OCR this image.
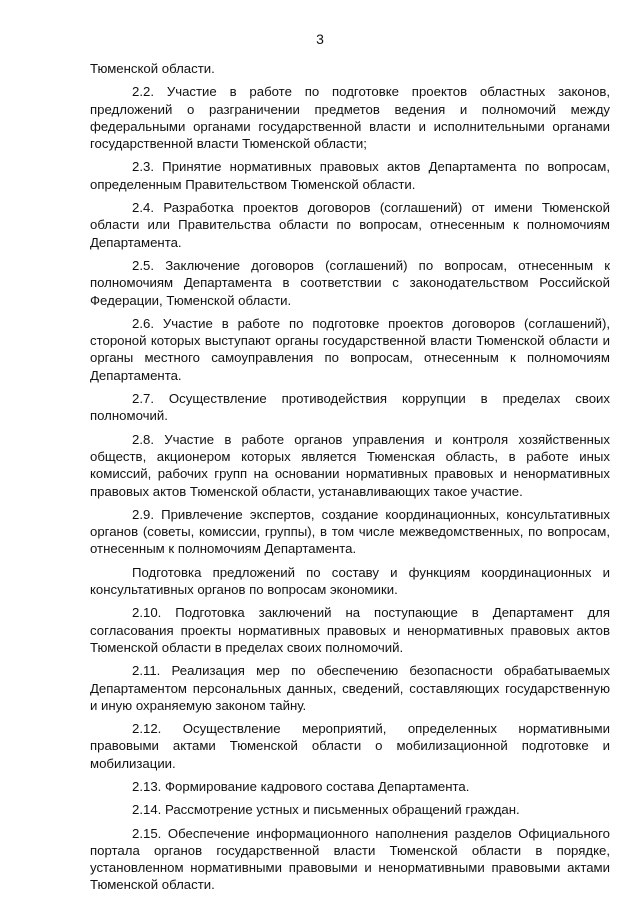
3

Тюменской области.

2.2. Участие в работе по подготовке проектов областных законов, предложений о разграничении предметов ведения и полномочий между федеральными органами государственной власти и исполнительными органами государственной власти Тюменской области;

2.3. Принятие нормативных правовых актов Департамента по вопросам, определенным Правительством Тюменской области.

2.4. Разработка проектов договоров (соглашений) от имени Тюменской области или Правительства области по вопросам, отнесенным к полномочиям Департамента.

2.5. Заключение договоров (соглашений) по вопросам, отнесенным к полномочиям Департамента в соответствии с законодательством Российской Федерации, Тюменской области.

2.6. Участие в работе по подготовке проектов договоров (соглашений), стороной которых выступают органы государственной власти Тюменской области и органы местного самоуправления по вопросам, отнесенным к полномочиям Департамента.

2.7. Осуществление противодействия коррупции в пределах своих полномочий.

2.8. Участие в работе органов управления и контроля хозяйственных обществ, акционером которых является Тюменская область, в работе иных комиссий, рабочих групп на основании нормативных правовых и ненормативных правовых актов Тюменской области, устанавливающих такое участие.

2.9. Привлечение экспертов, создание координационных, консультативных органов (советы, комиссии, группы), в том числе межведомственных, по вопросам, отнесенным к полномочиям Департамента.

Подготовка предложений по составу и функциям координационных и консультативных органов по вопросам экономики.

2.10. Подготовка заключений на поступающие в Департамент для согласования проекты нормативных правовых и ненормативных правовых актов Тюменской области в пределах своих полномочий.

2.11. Реализация мер по обеспечению безопасности обрабатываемых Департаментом персональных данных, сведений, составляющих государственную и иную охраняемую законом тайну.

2.12. Осуществление мероприятий, определенных нормативными правовыми актами Тюменской области о мобилизационной подготовке и мобилизации.

2.13. Формирование кадрового состава Департамента.

2.14. Рассмотрение устных и письменных обращений граждан.

2.15. Обеспечение информационного наполнения разделов Официального портала органов государственной власти Тюменской области в порядке, установленном нормативными правовыми и ненормативными правовыми актами Тюменской области.
